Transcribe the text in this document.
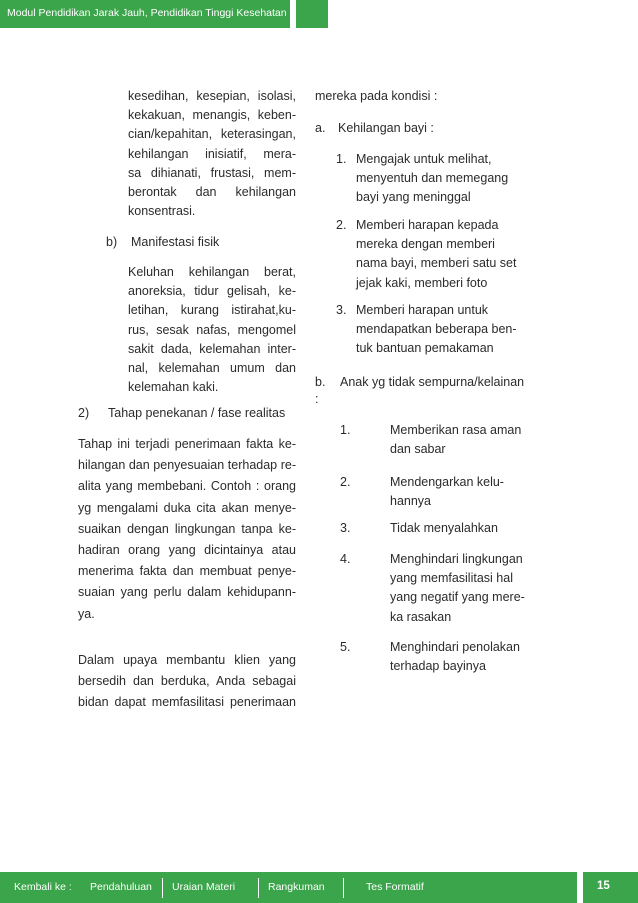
Modul Pendidikan Jarak Jauh, Pendidikan Tinggi Kesehatan
kesedihan, kesepian, isolasi,
kekakuan, menangis, keben-
cian/kepahitan, keterasingan,
kehilangan inisiatif, mera-
sa dihianati, frustasi, mem-
berontak dan kehilangan
konsentrasi.
b) Manifestasi fisik
Keluhan kehilangan berat,
anoreksia, tidur gelisah, ke-
letihan, kurang istirahat,ku-
rus, sesak nafas, mengomel
sakit dada, kelemahan inter-
nal, kelemahan umum dan
kelemahan kaki.
2) Tahap penekanan / fase realitas
Tahap ini terjadi penerimaan fakta ke-
hilangan dan penyesuaian terhadap re-
alita yang membebani. Contoh : orang
yg mengalami duka cita akan menye-
suaikan dengan lingkungan tanpa ke-
hadiran orang yang dicintainya atau
menerima fakta dan membuat penye-
suaian yang perlu dalam kehidupann-
ya.
Dalam upaya membantu klien yang
bersedih dan berduka, Anda sebagai
bidan dapat memfasilitasi penerimaan
mereka pada kondisi :
a. Kehilangan bayi :
1. Mengajak untuk melihat,
menyentuh dan memegang
bayi yang meninggal
2. Memberi harapan kepada
mereka dengan memberi
nama bayi, memberi satu set
jejak kaki, memberi foto
3. Memberi harapan untuk
mendapatkan beberapa ben-
tuk bantuan pemakaman
b. Anak yg tidak sempurna/kelainan
:
1.	Memberikan rasa aman
dan sabar
2.	Mendengarkan kelu-
hannya
3.	Tidak menyalahkan
4.	Menghindari lingkungan
yang memfasilitasi hal
yang negatif yang mere-
ka rasakan
5.	Menghindari penolakan
terhadap bayinya
Kembali ke : Pendahuluan Uraian Materi	Rangkuman	Tes Formatif	15
